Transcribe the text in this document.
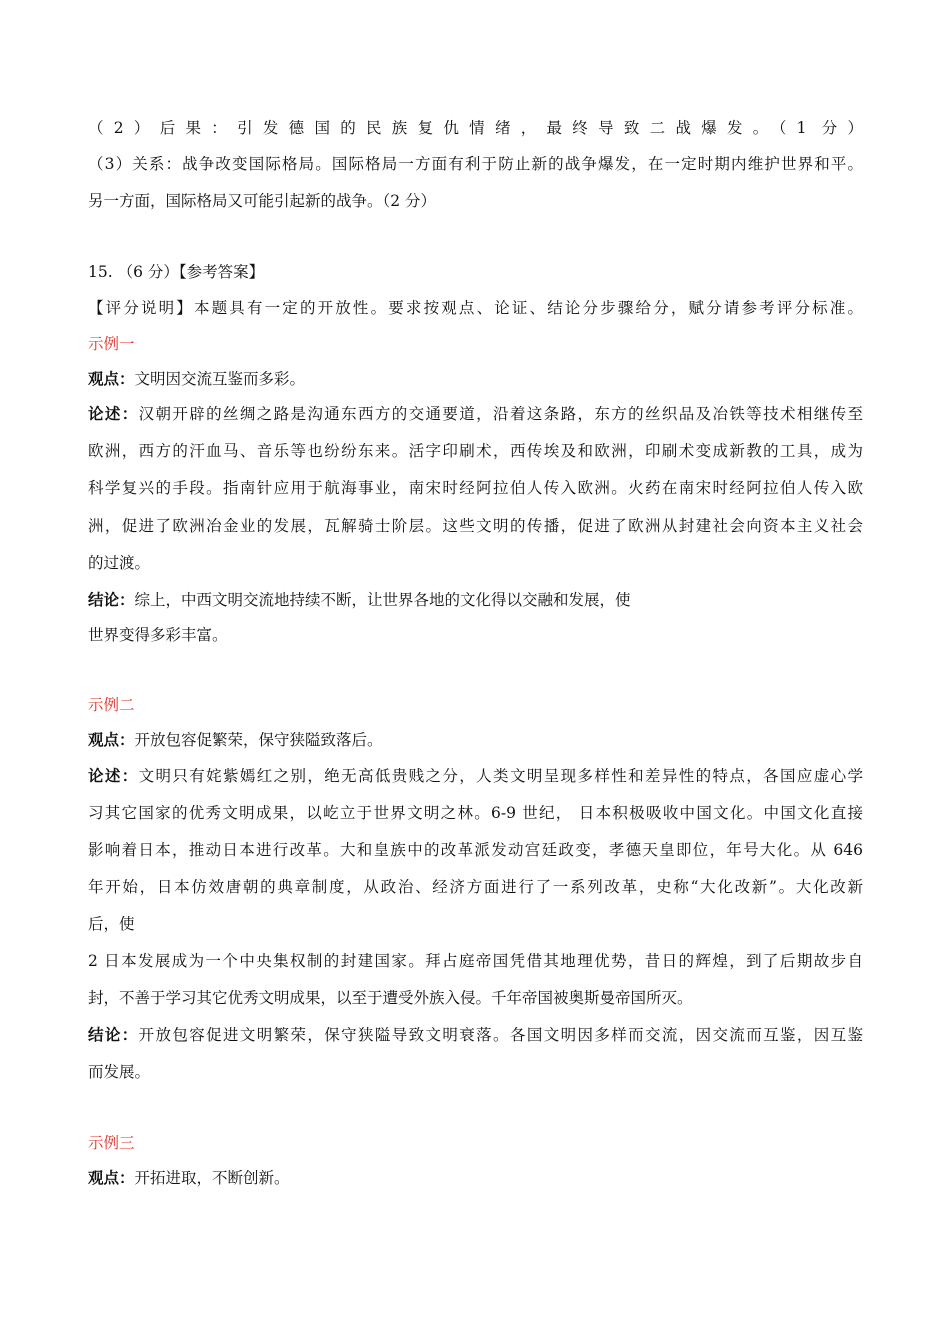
（2）后果：引发德国的民族复仇情绪，最终导致二战爆发。（1 分）
（3）关系：战争改变国际格局。国际格局一方面有利于防止新的战争爆发，在一定时期内维护世界和平。
另一方面，国际格局又可能引起新的战争。（2 分）
15. （6 分）【参考答案】
【评分说明】本题具有一定的开放性。要求按观点、论证、结论分步骤给分，赋分请参考评分标准。
示例一
观点：文明因交流互鉴而多彩。
论述：汉朝开辟的丝绸之路是沟通东西方的交通要道，沿着这条路，东方的丝织品及冶铁等技术相继传至
欧洲，西方的汗血马、音乐等也纷纷东来。活字印刷术，西传埃及和欧洲，印刷术变成新教的工具，成为
科学复兴的手段。指南针应用于航海事业，南宋时经阿拉伯人传入欧洲。火药在南宋时经阿拉伯人传入欧
洲，促进了欧洲冶金业的发展，瓦解骑士阶层。这些文明的传播，促进了欧洲从封建社会向资本主义社会
的过渡。
结论：综上，中西文明交流地持续不断，让世界各地的文化得以交融和发展，使
世界变得多彩丰富。
示例二
观点：开放包容促繁荣，保守狭隘致落后。
论述：文明只有姹紫嫣红之别，绝无高低贵贱之分，人类文明呈现多样性和差异性的特点，各国应虚心学
习其它国家的优秀文明成果，以屹立于世界文明之林。6-9 世纪， 日本积极吸收中国文化。中国文化直接
影响着日本，推动日本进行改革。大和皇族中的改革派发动宫廷政变，孝德天皇即位，年号大化。从 646
年开始，日本仿效唐朝的典章制度，从政治、经济方面进行了一系列改革，史称“大化改新”。大化改新
后，使
2 日本发展成为一个中央集权制的封建国家。拜占庭帝国凭借其地理优势，昔日的辉煌，到了后期故步自
封，不善于学习其它优秀文明成果，以至于遭受外族入侵。千年帝国被奥斯曼帝国所灭。
结论：开放包容促进文明繁荣，保守狭隘导致文明衰落。各国文明因多样而交流，因交流而互鉴，因互鉴
而发展。
示例三
观点：开拓进取，不断创新。
